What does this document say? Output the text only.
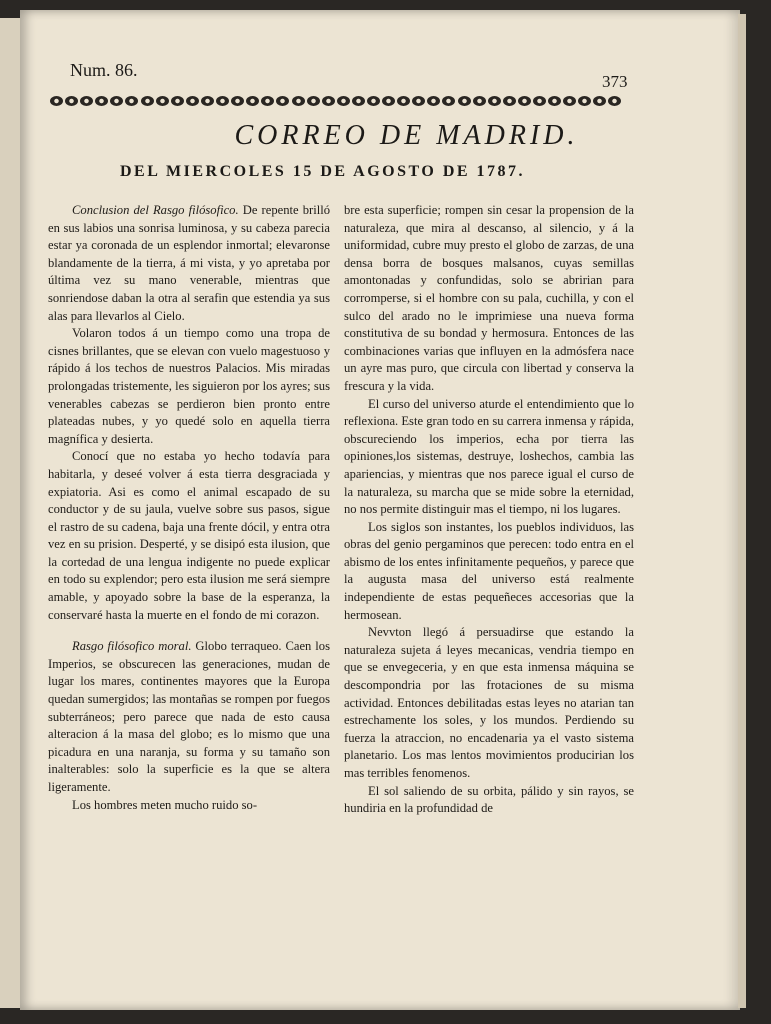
Num. 86.
373
CORREO DE MADRID.
DEL MIERCOLES 15 DE AGOSTO DE 1787.

Conclusion del Rasgo filósofico. De repente brilló en sus labios una sonrisa luminosa, y su cabeza parecia estar ya coronada de un esplendor inmortal; elevaronse blandamente de la tierra, á mi vista, y yo apretaba por última vez su mano venerable, mientras que sonriendose daban la otra al serafin que estendia ya sus alas para llevarlos al Cielo.

Volaron todos á un tiempo como una tropa de cisnes brillantes, que se elevan con vuelo magestuoso y rápido á los techos de nuestros Palacios. Mis miradas prolongadas tristemente, les siguieron por los ayres; sus venerables cabezas se perdieron bien pronto entre plateadas nubes, y yo quedé solo en aquella tierra magnífica y desierta.

Conocí que no estaba yo hecho todavía para habitarla, y deseé volver á esta tierra desgraciada y expiatoria. Asi es como el animal escapado de su conductor y de su jaula, vuelve sobre sus pasos, sigue el rastro de su cadena, baja una frente dócil, y entra otra vez en su prision. Desperté, y se disipó esta ilusion, que la cortedad de una lengua indigente no puede explicar en todo su explendor; pero esta ilusion me será siempre amable, y apoyado sobre la base de la esperanza, la conservaré hasta la muerte en el fondo de mi corazon.

Rasgo filósofico moral. Globo terraqueo. Caen los Imperios, se obscurecen las generaciones, mudan de lugar los mares, continentes mayores que la Europa quedan sumergidos; las montañas se rompen por fuegos subterráneos; pero parece que nada de esto causa alteracion á la masa del globo; es lo mismo que una picadura en una naranja, su forma y su tamaño son inalterables: solo la superficie es la que se altera ligeramente.

Los hombres meten mucho ruido so-

bre esta superficie; rompen sin cesar la propension de la naturaleza, que mira al descanso, al silencio, y á la uniformidad, cubre muy presto el globo de zarzas, de una densa borra de bosques malsanos, cuyas semillas amontonadas y confundidas, solo se abririan para corromperse, si el hombre con su pala, cuchilla, y con el sulco del arado no le imprimiese una nueva forma constitutiva de su bondad y hermosura. Entonces de las combinaciones varias que influyen en la admósfera nace un ayre mas puro, que circula con libertad y conserva la frescura y la vida.

El curso del universo aturde el entendimiento que lo reflexiona. Este gran todo en su carrera inmensa y rápida, obscureciendo los imperios, echa por tierra las opiniones,los sistemas, destruye, loshechos, cambia las apariencias, y mientras que nos parece igual el curso de la naturaleza, su marcha que se mide sobre la eternidad, no nos permite distinguir mas el tiempo, ni los lugares.

Los siglos son instantes, los pueblos individuos, las obras del genio pergaminos que perecen: todo entra en el abismo de los entes infinitamente pequeños, y parece que la augusta masa del universo está realmente independiente de estas pequeñeces accesorias que la hermosean.

Nevvton llegó á persuadirse que estando la naturaleza sujeta á leyes mecanicas, vendria tiempo en que se envegeceria, y en que esta inmensa máquina se descompondria por las frotaciones de su misma actividad. Entonces debilitadas estas leyes no atarian tan estrechamente los soles, y los mundos. Perdiendo su fuerza la atraccion, no encadenaria ya el vasto sistema planetario. Los mas lentos movimientos producirian los mas terribles fenomenos.

El sol saliendo de su orbita, pálido y sin rayos, se hundiria en la profundidad de
